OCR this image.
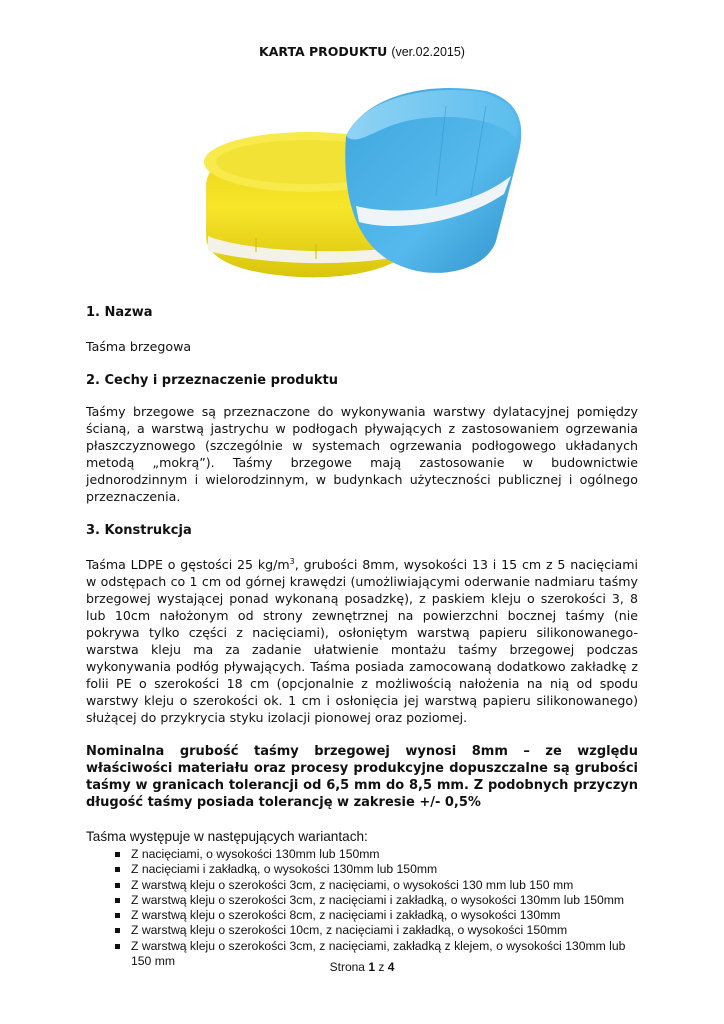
KARTA PRODUKTU (ver.02.2015)
1. Nazwa

Taśma brzegowa

2. Cechy i przeznaczenie produktu

Taśmy brzegowe są przeznaczone do wykonywania warstwy dylatacyjnej pomiędzy ścianą, a warstwą jastrychu w podłogach pływających z zastosowaniem ogrzewania płaszczyznowego (szczególnie w systemach ogrzewania podłogowego układanych metodą „mokrą”). Taśmy brzegowe mają zastosowanie w budownictwie jednorodzinnym i wielorodzinnym, w budynkach użyteczności publicznej i ogólnego przeznaczenia.

3. Konstrukcja

Taśma LDPE o gęstości 25 $kg/m^3$, grubości 8mm, wysokości 13 i 15 cm z 5 nacięciami w odstępach co 1 cm od górnej krawędzi (umożliwiającymi oderwanie nadmiaru taśmy brzegowej wystającej ponad wykonaną posadzkę), z paskiem kleju o szerokości 3, 8 lub 10cm nałożonym od strony zewnętrznej na powierzchni bocznej taśmy (nie pokrywa tylko części z nacięciami), osłoniętym warstwą papieru silikonowanego- warstwa kleju ma za zadanie ułatwienie montażu taśmy brzegowej podczas wykonywania podłóg pływających. Taśma posiada zamocowaną dodatkowo zakładkę z folii PE o szerokości 18 cm (opcjonalnie z możliwością nałożenia na nią od spodu warstwy kleju o szerokości ok. 1 cm i osłonięcia jej warstwą papieru silikonowanego) służącej do przykrycia styku izolacji pionowej oraz poziomej.

Nominalna grubość taśmy brzegowej wynosi 8mm – ze względu właściwości materiału oraz procesy produkcyjne dopuszczalne są grubości taśmy w granicach tolerancji od 6,5 mm do 8,5 mm. Z podobnych przyczyn długość taśmy posiada tolerancję w zakresie +/- 0,5%

Taśma występuje w następujących wariantach:

Z nacięciami, o wysokości 130mm lub 150mm
Z nacięciami i zakładką, o wysokości 130mm lub 150mm
Z warstwą kleju o szerokości 3cm, z nacięciami, o wysokości 130 mm lub 150 mm
Z warstwą kleju o szerokości 3cm, z nacięciami i zakładką, o wysokości 130mm lub 150mm
Z warstwą kleju o szerokości 8cm, z nacięciami i zakładką, o wysokości 130mm
Z warstwą kleju o szerokości 10cm, z nacięciami i zakładką, o wysokości 150mm
Z warstwą kleju o szerokości 3cm, z nacięciami, zakładką z klejem, o wysokości 130mm lub 150 mm	Strona 1 z 4
